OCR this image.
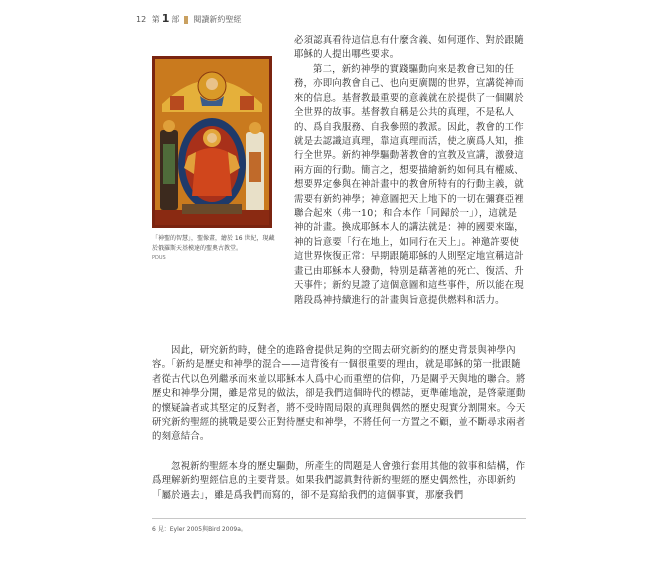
12 第 1 部 閱讀新約聖經
「神聖的智慧」，聖像畫，繪於 16 世紀，現藏於俄羅斯天基模達的聖奧古教堂。
PDUS
必須認真看待這信息有什麼含義、如何運作、對於跟隨耶穌的人提出哪些要求。
第二，新約神學的實踐驅動向來是教會已知的任務，亦即向教會自己、也向更廣闊的世界，宣講從神而來的信息。基督教最重要的意義就在於提供了一個關於全世界的故事。基督教自稱是公共的真理，不是私人的、爲自我服務、自我參照的教派。因此，教會的工作就是去認識這真理，靠這真理而活，使之廣爲人知，推行全世界。新約神學驅動著教會的宣教及宣講，激發這兩方面的行動。簡言之，想要描繪新約如何具有權威、想要界定參與在神計畫中的教會所特有的行動主義，就需要有新約神學；神意圖把天上地下的一切在彌賽亞裡聯合起來（弗一10；和合本作「同歸於一」），這就是神的計畫。換成耶穌本人的講法就是：神的國要來臨，神的旨意要「行在地上，如同行在天上」。神邀許要使這世界恢復正常：早期跟隨耶穌的人則堅定地宣稱這計畫已由耶穌本人發動，特別是藉著祂的死亡、復活、升天事件；新約見證了這個意圖和這些事件，所以能在現階段爲神持續進行的計畫與旨意提供燃料和活力。
因此，研究新約時，健全的進路會提供足夠的空間去研究新約的歷史背景與神學內容。「新約是歷史和神學的混合——這背後有一個很重要的理由，就是耶穌的第一批跟隨者從古代以色列繼承而來並以耶穌本人爲中心而重塑的信仰，乃是關乎天與地的聯合。將歷史和神學分開，雖是常見的做法，卻是我們這個時代的標誌，更準確地說，是啓蒙運動的懷疑論者或其堅定的反對者，將不受時間局限的真理與偶然的歷史現實分割開來。今天研究新約聖經的挑戰是要公正對待歷史和神學，不將任何一方置之不顧，並不斷尋求兩者的刻意結合。
忽視新約聖經本身的歷史驅動，所產生的問題是人會強行套用其他的敘事和結構，作爲理解新約聖經信息的主要背景。如果我們認眞對待新約聖經的歷史偶然性，亦即新約「屬於過去」，雖是爲我們而寫的，卻不是寫給我們的這個事實，那麼我們
6 見：Eyler 2005與Bird 2009a。
